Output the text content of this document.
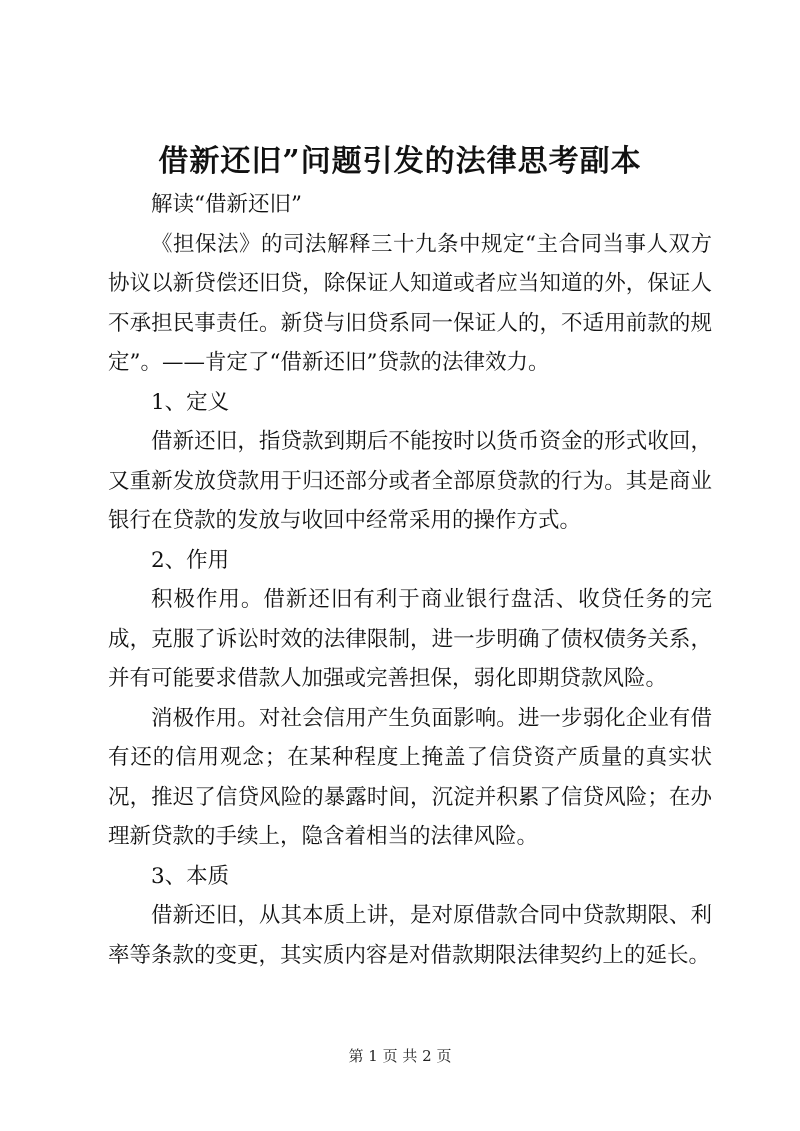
借新还旧”问题引发的法律思考副本

解读“借新还旧”

《担保法》的司法解释三十九条中规定“主合同当事人双方协议以新贷偿还旧贷，除保证人知道或者应当知道的外，保证人不承担民事责任。新贷与旧贷系同一保证人的，不适用前款的规定”。——肯定了“借新还旧”贷款的法律效力。

1、定义

借新还旧，指贷款到期后不能按时以货币资金的形式收回，又重新发放贷款用于归还部分或者全部原贷款的行为。其是商业银行在贷款的发放与收回中经常采用的操作方式。

2、作用

积极作用。借新还旧有利于商业银行盘活、收贷任务的完成，克服了诉讼时效的法律限制，进一步明确了债权债务关系，并有可能要求借款人加强或完善担保，弱化即期贷款风险。

消极作用。对社会信用产生负面影响。进一步弱化企业有借有还的信用观念；在某种程度上掩盖了信贷资产质量的真实状况，推迟了信贷风险的暴露时间，沉淀并积累了信贷风险；在办理新贷款的手续上，隐含着相当的法律风险。

3、本质

借新还旧，从其本质上讲，是对原借款合同中贷款期限、利率等条款的变更，其实质内容是对借款期限法律契约上的延长。

第 1 页 共 2 页
